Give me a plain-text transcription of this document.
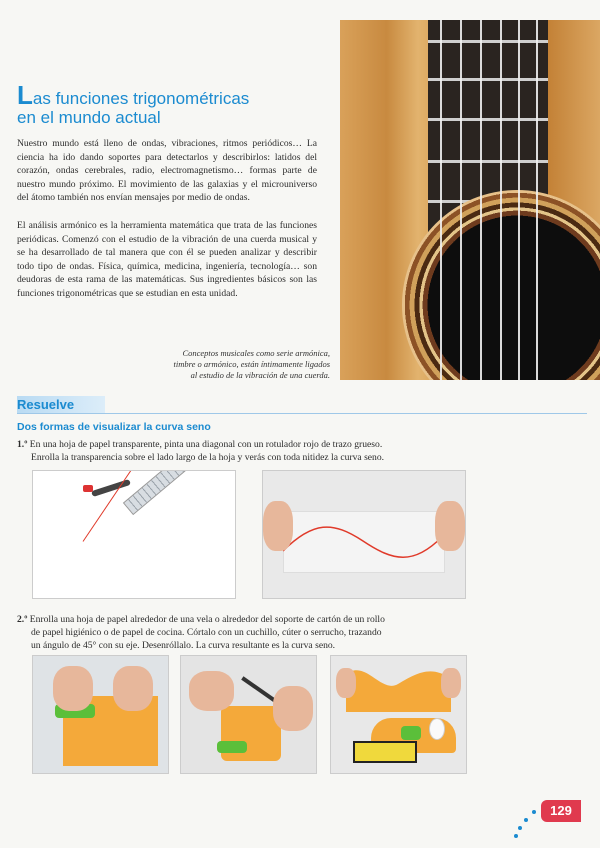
Las funciones trigonométricas
en el mundo actual

Nuestro mundo está lleno de ondas, vibraciones, ritmos periódicos… La ciencia ha ido dando soportes para detectarlos y describirlos: latidos del corazón, ondas cerebrales, radio, electromagnetismo… formas parte de nuestro mundo próximo. El movimiento de las galaxias y el microuniverso del átomo también nos envían mensajes por medio de ondas.

El análisis armónico es la herramienta matemática que trata de las funciones periódicas. Comenzó con el estudio de la vibración de una cuerda musical y se ha desarrollado de tal manera que con él se pueden analizar y describir todo tipo de ondas. Física, química, medicina, ingeniería, tecnología… son deudoras de esta rama de las matemáticas. Sus ingredientes básicos son las funciones trigonométricas que se estudian en esta unidad.

Conceptos musicales como serie armónica, timbre o armónico, están íntimamente ligados al estudio de la vibración de una cuerda.
Resuelve
Dos formas de visualizar la curva seno
1.º En una hoja de papel transparente, pinta una diagonal con un rotulador rojo de trazo grueso.
Enrolla la transparencia sobre el lado largo de la hoja y verás con toda nitidez la curva seno.
2.º Enrolla una hoja de papel alrededor de una vela o alrededor del soporte de cartón de un rollo
de papel higiénico o de papel de cocina. Córtalo con un cuchillo, cúter o serrucho, trazando
un ángulo de 45° con su eje. Desenróllalo. La curva resultante es la curva seno.
129
